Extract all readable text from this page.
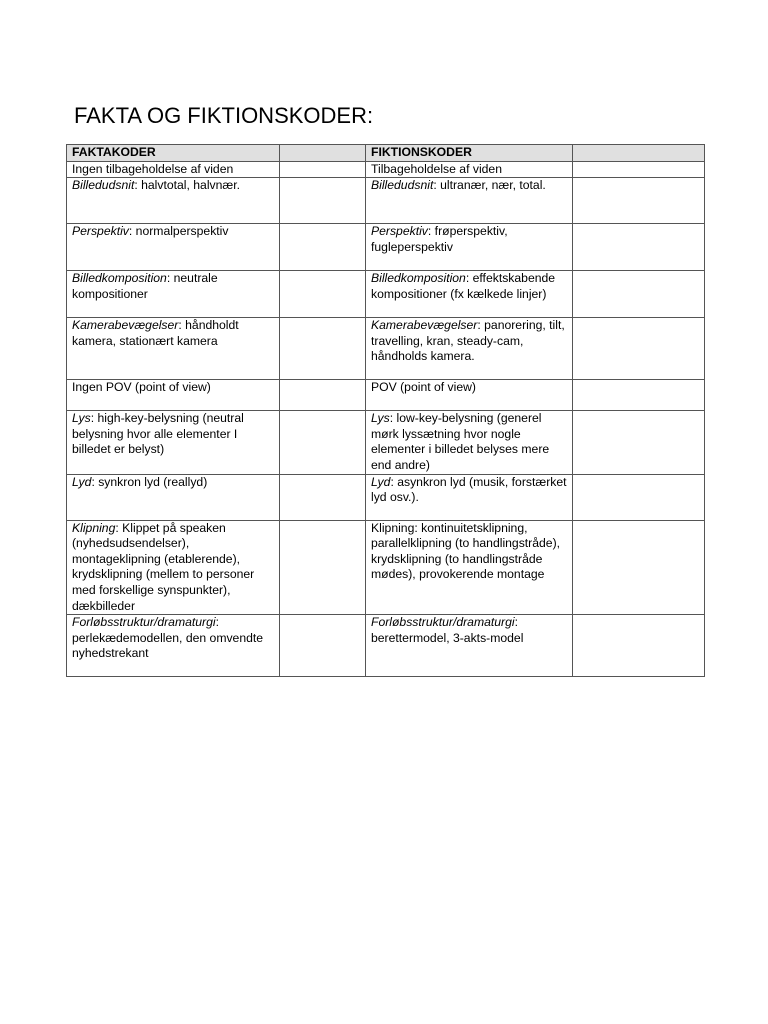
FAKTA OG FIKTIONSKODER:
FAKTAKODER		FIKTIONSKODER	
Ingen tilbageholdelse af viden		Tilbageholdelse af viden	
Billedudsnit: halvtotal, halvnær.		Billedudsnit: ultranær, nær, total.	
Perspektiv: normalperspektiv		Perspektiv: frøperspektiv, fugleperspektiv	
Billedkomposition: neutrale kompositioner		Billedkomposition: effektskabende kompositioner (fx kælkede linjer)	
Kamerabevægelser: håndholdt kamera, stationært kamera		Kamerabevægelser: panorering, tilt, travelling, kran, steady-cam, håndholds kamera.	
Ingen POV (point of view)		POV (point of view)	
Lys: high-key-belysning (neutral belysning hvor alle elementer I billedet er belyst)		Lys: low-key-belysning (generel mørk lyssætning hvor nogle elementer i billedet belyses mere end andre)	
Lyd: synkron lyd (reallyd)		Lyd: asynkron lyd (musik, forstærket lyd osv.).	
Klipning: Klippet på speaken (nyhedsudsendelser), montageklipning (etablerende), krydsklipning (mellem to personer med forskellige synspunkter), dækbilleder		Klipning: kontinuitetsklipning, parallelklipning (to handlingstråde), krydsklipning (to handlingstråde mødes), provokerende montage	
Forløbsstruktur/dramaturgi: perlekædemodellen, den omvendte nyhedstrekant		Forløbsstruktur/dramaturgi: berettermodel, 3-akts-model	
